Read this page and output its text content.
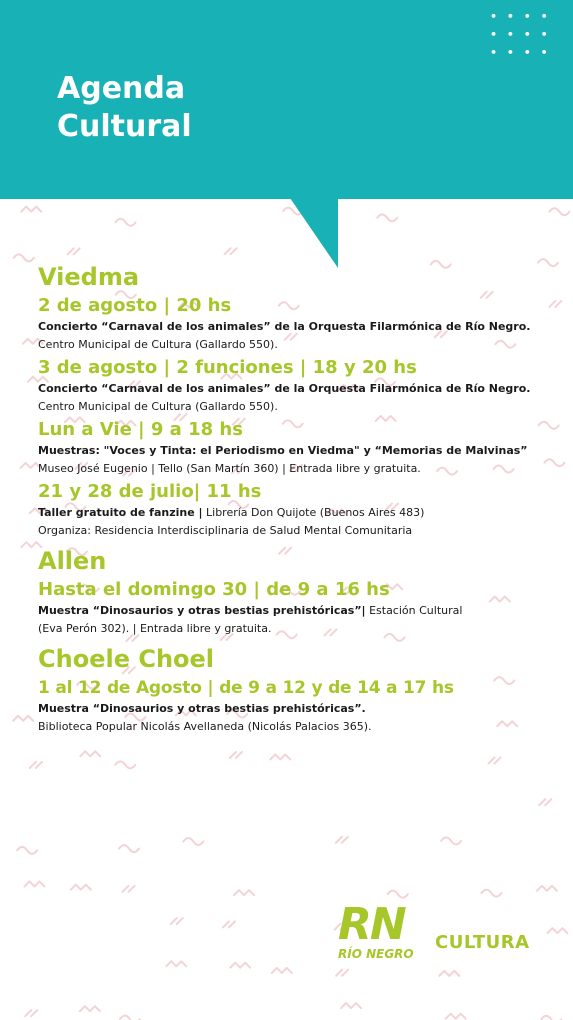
• • • •
• • • •
• • • •
Agenda
Cultural
Viedma
2 de agosto | 20 hs
Concierto “Carnaval de los animales” de la Orquesta Filarmónica de Río Negro.
Centro Municipal de Cultura (Gallardo 550).
3 de agosto | 2 funciones | 18 y 20 hs
Concierto “Carnaval de los animales” de la Orquesta Filarmónica de Río Negro.
Centro Municipal de Cultura (Gallardo 550).
Lun a Vie | 9 a 18 hs
Muestras: "Voces y Tinta: el Periodismo en Viedma" y “Memorias de Malvinas”
Museo José Eugenio | Tello (San Martín 360) | Entrada libre y gratuita.
21 y 28 de julio| 11 hs
Taller gratuito de fanzine | Librería Don Quijote (Buenos Aires 483)
Organiza: Residencia Interdisciplinaria de Salud Mental Comunitaria
Allen
Hasta el domingo 30 | de 9 a 16 hs
Muestra “Dinosaurios y otras bestias prehistóricas”| Estación Cultural
(Eva Perón 302). | Entrada libre y gratuita.
Choele Choel
1 al 12 de Agosto | de 9 a 12 y de 14 a 17 hs
Muestra “Dinosaurios y otras bestias prehistóricas”.
Biblioteca Popular Nicolás Avellaneda (Nicolás Palacios 365).
RN
RÍO NEGRO
CULTURA
